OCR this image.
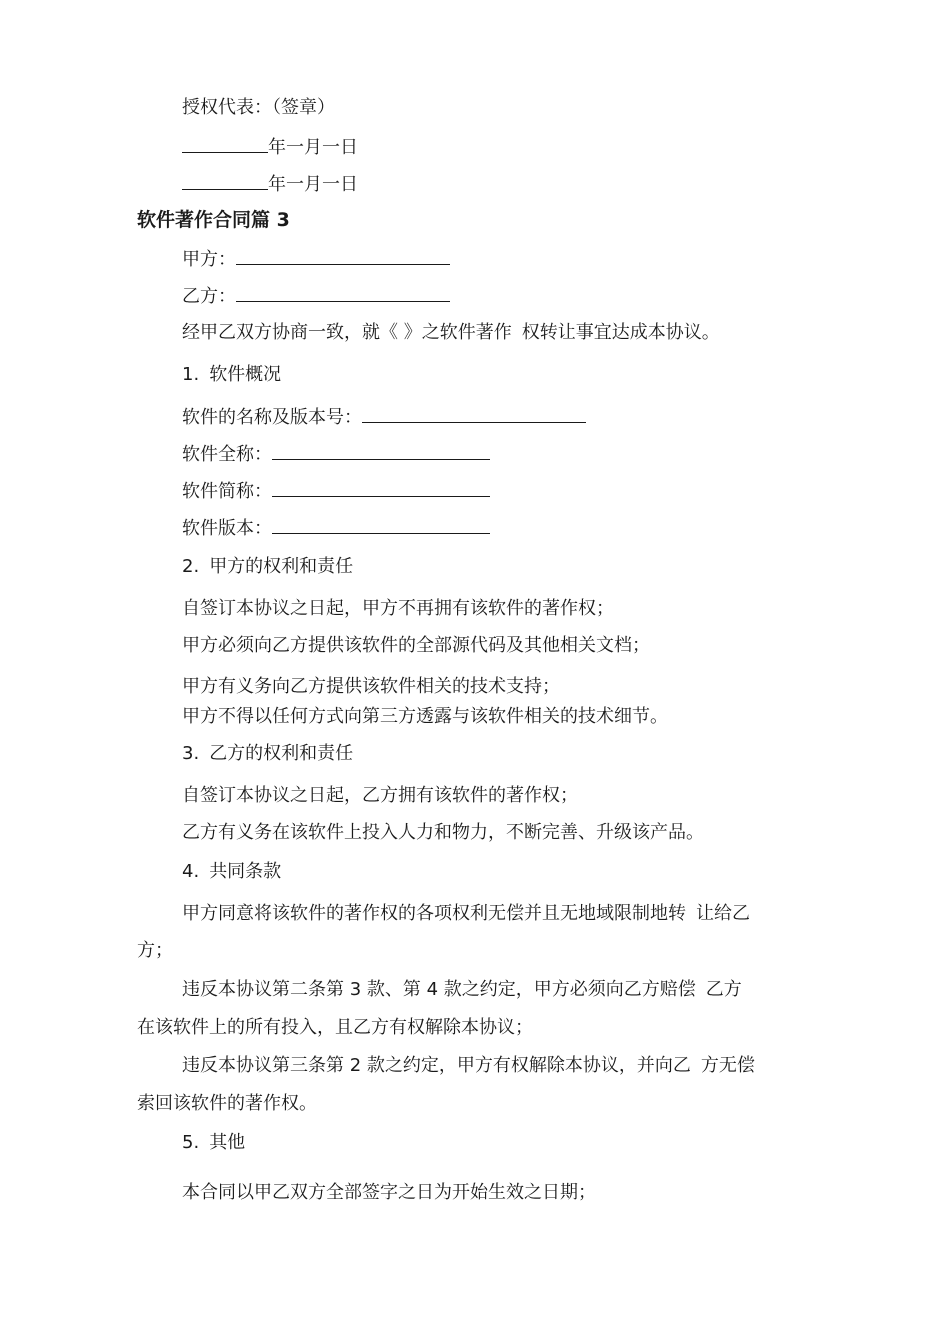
授权代表：（签章）
年一月一日
年一月一日
软件著作合同篇 3
甲方：
乙方：
经甲乙双方协商一致，就《 》之软件著作 权转让事宜达成本协议。
1. 软件概况
软件的名称及版本号：
软件全称：
软件简称：
软件版本：
2. 甲方的权利和责任
自签订本协议之日起，甲方不再拥有该软件的著作权；
甲方必须向乙方提供该软件的全部源代码及其他相关文档；
甲方有义务向乙方提供该软件相关的技术支持；
甲方不得以任何方式向第三方透露与该软件相关的技术细节。
3. 乙方的权利和责任
自签订本协议之日起，乙方拥有该软件的著作权；
乙方有义务在该软件上投入人力和物力，不断完善、升级该产品。
4. 共同条款
甲方同意将该软件的著作权的各项权利无偿并且无地域限制地转 让给乙
方；
违反本协议第二条第 3 款、第 4 款之约定，甲方必须向乙方赔偿 乙方
在该软件上的所有投入，且乙方有权解除本协议；
违反本协议第三条第 2 款之约定，甲方有权解除本协议，并向乙 方无偿
索回该软件的著作权。
5. 其他
本合同以甲乙双方全部签字之日为开始生效之日期；
